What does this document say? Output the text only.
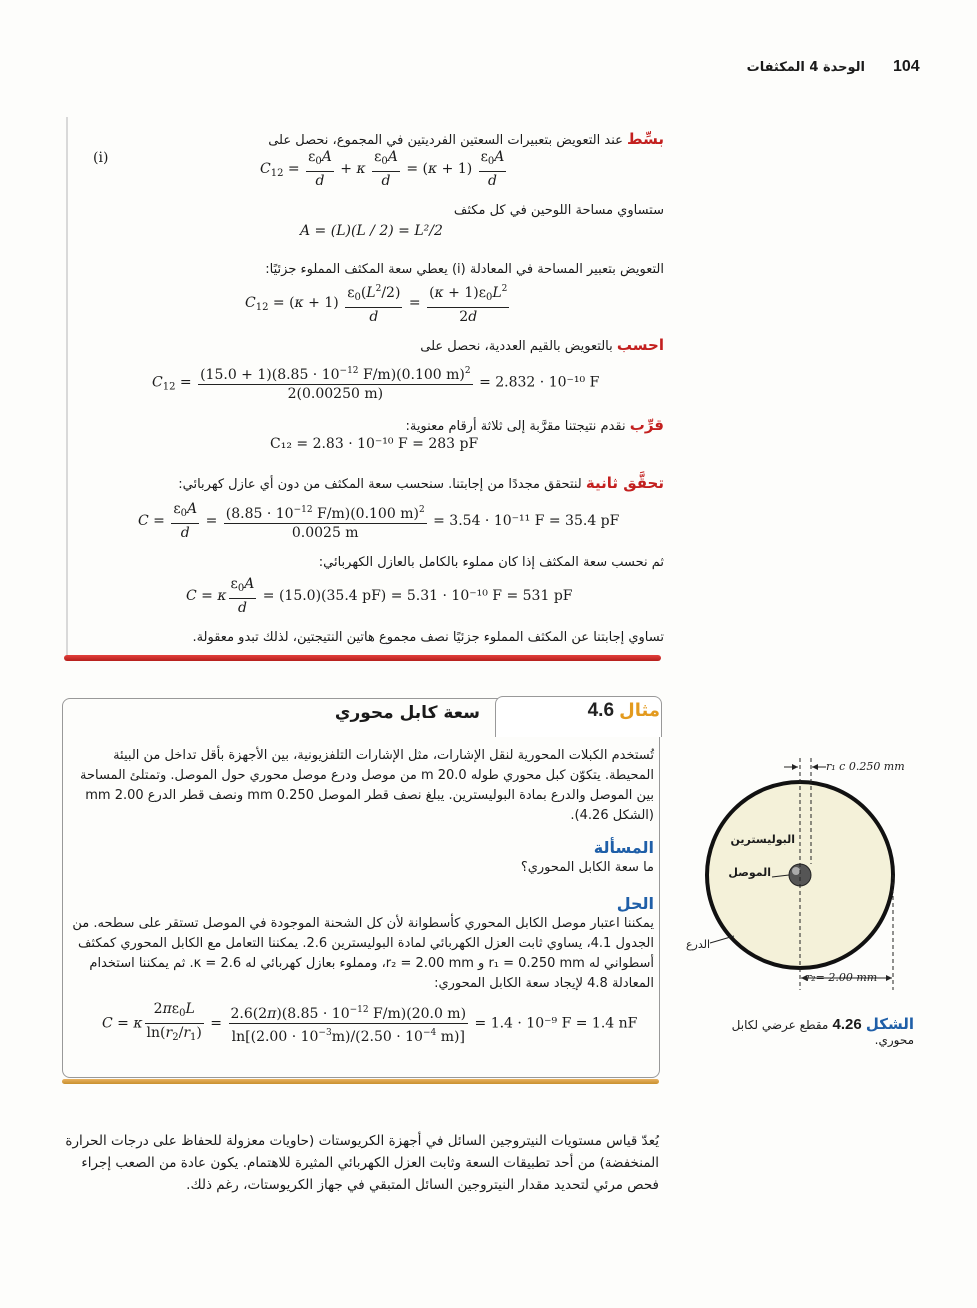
104
الوحدة 4 المكثفات
بسِّط عند التعويض بتعبيرات السعتين الفرديتين في المجموع، نحصل على
(i)
$C_{12} = \frac{\varepsilon_0A}{d} + \kappa \frac{\varepsilon_0A}{d} = (\kappa + 1) \frac{\varepsilon_0A}{d}$
ستساوي مساحة اللوحين في كل مكثف
A = (L)(L / 2) = L²/2
التعويض بتعبير المساحة في المعادلة (i) يعطي سعة المكثف المملوء جزئيًا:
$C_{12} = (\kappa + 1) \frac{\varepsilon_0(L^2/2)}{d} = \frac{(\kappa + 1)\varepsilon_0L^2}{2d}$
احسب بالتعويض بالقيم العددية، نحصل على
$C_{12} = \frac{(15.0 + 1)(8.85 \cdot 10^{-12} F/m)(0.100 m)^2}{2(0.00250 m)} = 2.832 \cdot 10^{-10}$ F
قرِّب نقدم نتيجتنا مقرَّبة إلى ثلاثة أرقام معنوية:
C₁₂ = 2.83 · 10⁻¹⁰ F = 283 pF
تحقَّق ثانية لنتحقق مجددًا من إجابتنا. سنحسب سعة المكثف من دون أي عازل كهربائي:
$C = \frac{\varepsilon_0A}{d} = \frac{(8.85 \cdot 10^{-12} F/m)(0.100 m)^2}{0.0025 m} = 3.54 \cdot 10^{-11}$ F = 35.4 pF
ثم نحسب سعة المكثف إذا كان مملوء بالكامل بالعازل الكهربائي:
C = κ $\frac{\varepsilon_0A}{d} = (15.0)(35.4$ pF) = 5.31 · 10⁻¹⁰ F = 531 pF
تساوي إجابتنا عن المكثف المملوء جزئيًا نصف مجموع هاتين النتيجتين، لذلك تبدو معقولة.
سعة كابل محوري	مثال 4.6
تُستخدم الكبلات المحورية لنقل الإشارات، مثل الإشارات التلفزيونية، بين الأجهزة بأقل تداخل من البيئة المحيطة. يتكوّن كبل محوري طوله 20.0 m من موصل ودرع موصل محوري حول الموصل. وتمتلئ المساحة بين الموصل والدرع بمادة البوليسترين. يبلغ نصف قطر الموصل 0.250 mm ونصف قطر الدرع 2.00 mm (الشكل 4.26).
المسألة
ما سعة الكابل المحوري؟
الحل
يمكننا اعتبار موصل الكابل المحوري كأسطوانة لأن كل الشحنة الموجودة في الموصل تستقر على سطحه. من الجدول 4.1، يساوي ثابت العزل الكهربائي لمادة البوليسترين 2.6. يمكننا التعامل مع الكابل المحوري كمكثف أسطواني له r₁ = 0.250 mm و r₂ = 2.00 mm، ومملوء بعازل كهربائي له κ = 2.6. ثم يمكننا استخدام المعادلة 4.8 لإيجاد سعة الكابل المحوري:
C = κ $\frac{2\pi\varepsilon_0L}{\ln(r_2/r_1)} = \frac{2.6(2\pi)(8.85 \cdot 10^{-12} F/m)(20.0 m)}{\ln[(2.00 \cdot 10^{-3}m)/(2.50 \cdot 10^{-4} m)]} = 1.4 \cdot 10^{-9}$ F = 1.4 nF
r₁ c 0.250 mm
r₂= 2.00 mm
البوليسترين
الموصل
الدرع
الشكل 4.26 مقطع عرضي لكابل محوري.
يُعدّ قياس مستويات النيتروجين السائل في أجهزة الكريوستات (حاويات معزولة للحفاظ على درجات الحرارة المنخفضة) من أحد تطبيقات السعة وثابت العزل الكهربائي المثيرة للاهتمام. يكون عادة من الصعب إجراء فحص مرئي لتحديد مقدار النيتروجين السائل المتبقي في جهاز الكريوستات، رغم ذلك.
